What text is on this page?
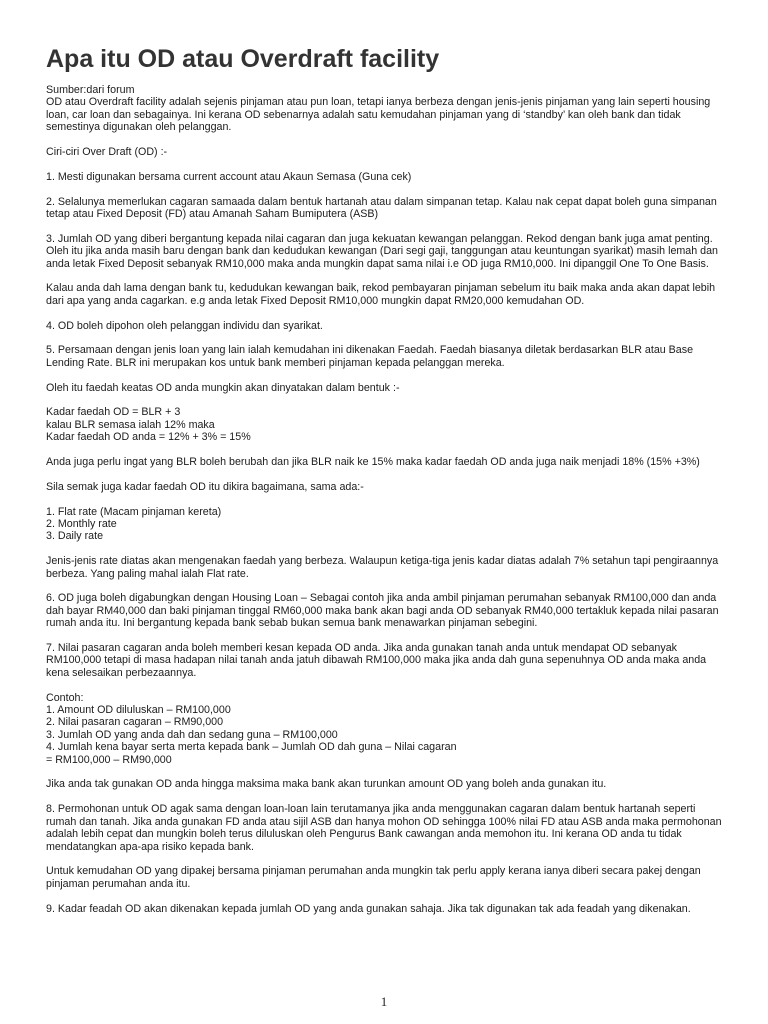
Apa itu OD atau Overdraft facility

Sumber:dari forum
OD atau Overdraft facility adalah sejenis pinjaman atau pun loan, tetapi ianya berbeza dengan jenis-jenis pinjaman yang lain seperti housing loan, car loan dan sebagainya. Ini kerana OD sebenarnya adalah satu kemudahan pinjaman yang di ‘standby’ kan oleh bank dan tidak semestinya digunakan oleh pelanggan.

Ciri-ciri Over Draft (OD) :-

1. Mesti digunakan bersama current account atau Akaun Semasa (Guna cek)

2. Selalunya memerlukan cagaran samaada dalam bentuk hartanah atau dalam simpanan tetap. Kalau nak cepat dapat boleh guna simpanan tetap atau Fixed Deposit (FD) atau Amanah Saham Bumiputera (ASB)

3. Jumlah OD yang diberi bergantung kepada nilai cagaran dan juga kekuatan kewangan pelanggan. Rekod dengan bank juga amat penting. Oleh itu jika anda masih baru dengan bank dan kedudukan kewangan (Dari segi gaji, tanggungan atau keuntungan syarikat) masih lemah dan anda letak Fixed Deposit sebanyak RM10,000 maka anda mungkin dapat sama nilai i.e OD juga RM10,000. Ini dipanggil One To One Basis.

Kalau anda dah lama dengan bank tu, kedudukan kewangan baik, rekod pembayaran pinjaman sebelum itu baik maka anda akan dapat lebih dari apa yang anda cagarkan. e.g anda letak Fixed Deposit RM10,000 mungkin dapat RM20,000 kemudahan OD.

4. OD boleh dipohon oleh pelanggan individu dan syarikat.

5. Persamaan dengan jenis loan yang lain ialah kemudahan ini dikenakan Faedah. Faedah biasanya diletak berdasarkan BLR atau Base Lending Rate. BLR ini merupakan kos untuk bank memberi pinjaman kepada pelanggan mereka.

Oleh itu faedah keatas OD anda mungkin akan dinyatakan dalam bentuk :-

Kadar faedah OD = BLR + 3
kalau BLR semasa ialah 12% maka
Kadar faedah OD anda = 12% + 3% = 15%

Anda juga perlu ingat yang BLR boleh berubah dan jika BLR naik ke 15% maka kadar faedah OD anda juga naik menjadi 18% (15% +3%)

Sila semak juga kadar faedah OD itu dikira bagaimana, sama ada:-

1. Flat rate (Macam pinjaman kereta)
2. Monthly rate
3. Daily rate

Jenis-jenis rate diatas akan mengenakan faedah yang berbeza. Walaupun ketiga-tiga jenis kadar diatas adalah 7% setahun tapi pengiraannya berbeza. Yang paling mahal ialah Flat rate.

6. OD juga boleh digabungkan dengan Housing Loan – Sebagai contoh jika anda ambil pinjaman perumahan sebanyak RM100,000 dan anda dah bayar RM40,000 dan baki pinjaman tinggal RM60,000 maka bank akan bagi anda OD sebanyak RM40,000 tertakluk kepada nilai pasaran rumah anda itu. Ini bergantung kepada bank sebab bukan semua bank menawarkan pinjaman sebegini.

7. Nilai pasaran cagaran anda boleh memberi kesan kepada OD anda. Jika anda gunakan tanah anda untuk mendapat OD sebanyak RM100,000 tetapi di masa hadapan nilai tanah anda jatuh dibawah RM100,000 maka jika anda dah guna sepenuhnya OD anda maka anda kena selesaikan perbezaannya.

Contoh:
1. Amount OD diluluskan – RM100,000
2. Nilai pasaran cagaran – RM90,000
3. Jumlah OD yang anda dah dan sedang guna – RM100,000
4. Jumlah kena bayar serta merta kepada bank – Jumlah OD dah guna – Nilai cagaran
= RM100,000 – RM90,000

Jika anda tak gunakan OD anda hingga maksima maka bank akan turunkan amount OD yang boleh anda gunakan itu.

8. Permohonan untuk OD agak sama dengan loan-loan lain terutamanya jika anda menggunakan cagaran dalam bentuk hartanah seperti rumah dan tanah. Jika anda gunakan FD anda atau sijil ASB dan hanya mohon OD sehingga 100% nilai FD atau ASB anda maka permohonan adalah lebih cepat dan mungkin boleh terus diluluskan oleh Pengurus Bank cawangan anda memohon itu. Ini kerana OD anda tu tidak mendatangkan apa-apa risiko kepada bank.

Untuk kemudahan OD yang dipakej bersama pinjaman perumahan anda mungkin tak perlu apply kerana ianya diberi secara pakej dengan pinjaman perumahan anda itu.

9. Kadar feadah OD akan dikenakan kepada jumlah OD yang anda gunakan sahaja. Jika tak digunakan tak ada feadah yang dikenakan.

1
